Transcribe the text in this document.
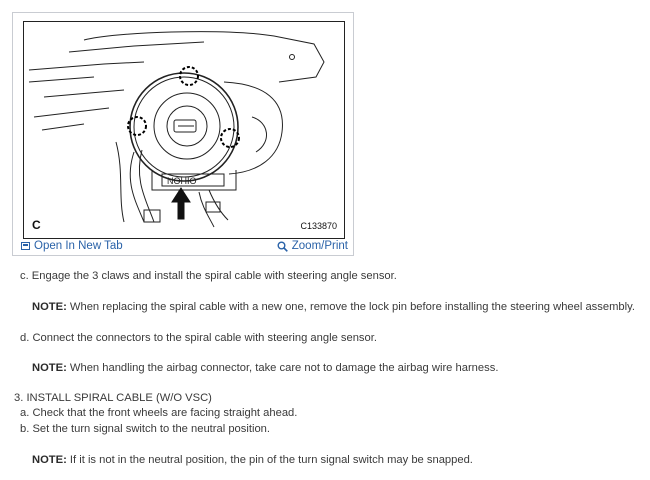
NOHIO
C	C133870
Open In New Tab	Zoom/Print
c. Engage the 3 claws and install the spiral cable with steering angle sensor.
NOTE: When replacing the spiral cable with a new one, remove the lock pin before installing the steering wheel assembly.
d. Connect the connectors to the spiral cable with steering angle sensor.
NOTE: When handling the airbag connector, take care not to damage the airbag wire harness.
3. INSTALL SPIRAL CABLE (W/O VSC)
a. Check that the front wheels are facing straight ahead.
b. Set the turn signal switch to the neutral position.
NOTE: If it is not in the neutral position, the pin of the turn signal switch may be snapped.
